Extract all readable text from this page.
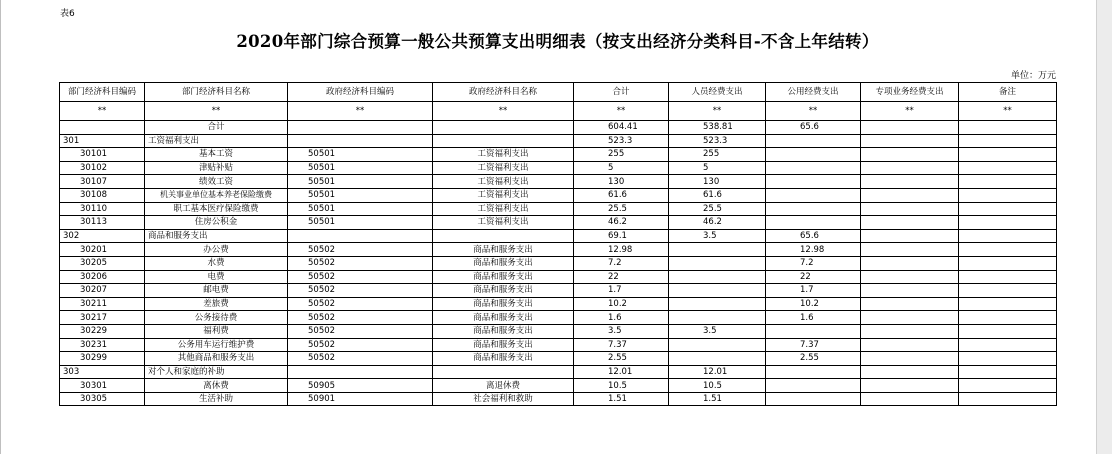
表6
2020年部门综合预算一般公共预算支出明细表（按支出经济分类科目-不含上年结转）
单位：万元
部门经济科目编码	部门经济科目名称	政府经济科目编码	政府经济科目名称	合计	人员经费支出	公用经费支出	专项业务经费支出	备注
**	**	**	**	**	**	**	**	**
	合计			604.41	538.81	65.6		
301	工资福利支出			523.3	523.3			
30101	基本工资	50501	工资福利支出	255	255			
30102	津贴补贴	50501	工资福利支出	5	5			
30107	绩效工资	50501	工资福利支出	130	130			
30108	机关事业单位基本养老保险缴费	50501	工资福利支出	61.6	61.6			
30110	职工基本医疗保险缴费	50501	工资福利支出	25.5	25.5			
30113	住房公积金	50501	工资福利支出	46.2	46.2			
302	商品和服务支出			69.1	3.5	65.6		
30201	办公费	50502	商品和服务支出	12.98		12.98		
30205	水费	50502	商品和服务支出	7.2		7.2		
30206	电费	50502	商品和服务支出	22		22		
30207	邮电费	50502	商品和服务支出	1.7		1.7		
30211	差旅费	50502	商品和服务支出	10.2		10.2		
30217	公务接待费	50502	商品和服务支出	1.6		1.6		
30229	福利费	50502	商品和服务支出	3.5	3.5			
30231	公务用车运行维护费	50502	商品和服务支出	7.37		7.37		
30299	其他商品和服务支出	50502	商品和服务支出	2.55		2.55		
303	对个人和家庭的补助			12.01	12.01			
30301	离休费	50905	离退休费	10.5	10.5			
30305	生活补助	50901	社会福利和救助	1.51	1.51			
